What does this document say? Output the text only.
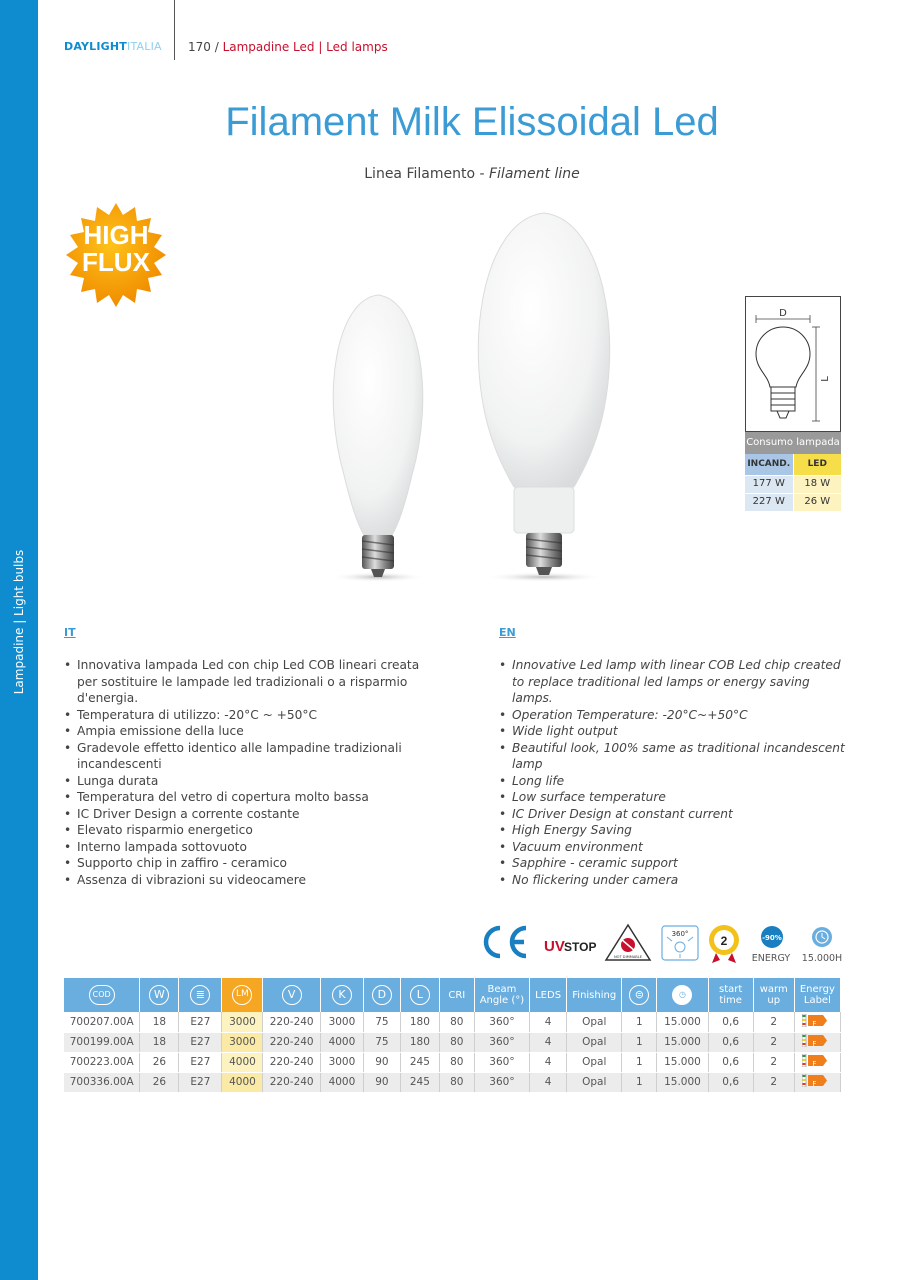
Lampadine | Light bulbs
DAYLIGHTITALIA 170 / Lampadine Led | Led lamps
Filament Milk Elissoidal Led
Linea Filamento - Filament line
HIGH
FLUX
D
L
Consumo lampada
INCAND.	LED
177 W	18 W
227 W	26 W
IT
• Innovativa lampada Led con chip Led COB lineari creata per sostituire le lampade led tradizionali o a risparmio d'energia.
• Temperatura di utilizzo: -20°C ~ +50°C
• Ampia emissione della luce
• Gradevole effetto identico alle lampadine tradizionali incandescenti
• Lunga durata
• Temperatura del vetro di copertura molto bassa
• IC Driver Design a corrente costante
• Elevato risparmio energetico
• Interno lampada sottovuoto
• Supporto chip in zaffiro - ceramico
• Assenza di vibrazioni su videocamere
EN
• Innovative Led lamp with linear COB Led chip created to replace traditional led lamps or energy saving lamps.
• Operation Temperature: -20°C~+50°C
• Wide light output
• Beautiful look, 100% same as traditional incandescent lamp
• Long life
• Low surface temperature
• IC Driver Design at constant current
• High Energy Saving
• Vacuum environment
• Sapphire - ceramic support
• No flickering under camera
UV STOP
NOT DIMMABLE
360°	2	-90%
ENERGY 15.000H
COD	W	≣	LM	V	K	D	L	CRI	Beam Angle (°)	LEDS	Finishing	⊜	◷	start time	warm up	Energy Label
700207.00A	18	E27	3000	220-240	3000	75	180	80	360°	4	Opal	1	15.000	0,6	2	F
700199.00A	18	E27	3000	220-240	4000	75	180	80	360°	4	Opal	1	15.000	0,6	2	F
700223.00A	26	E27	4000	220-240	3000	90	245	80	360°	4	Opal	1	15.000	0,6	2	F
700336.00A	26	E27	4000	220-240	4000	90	245	80	360°	4	Opal	1	15.000	0,6	2	F
